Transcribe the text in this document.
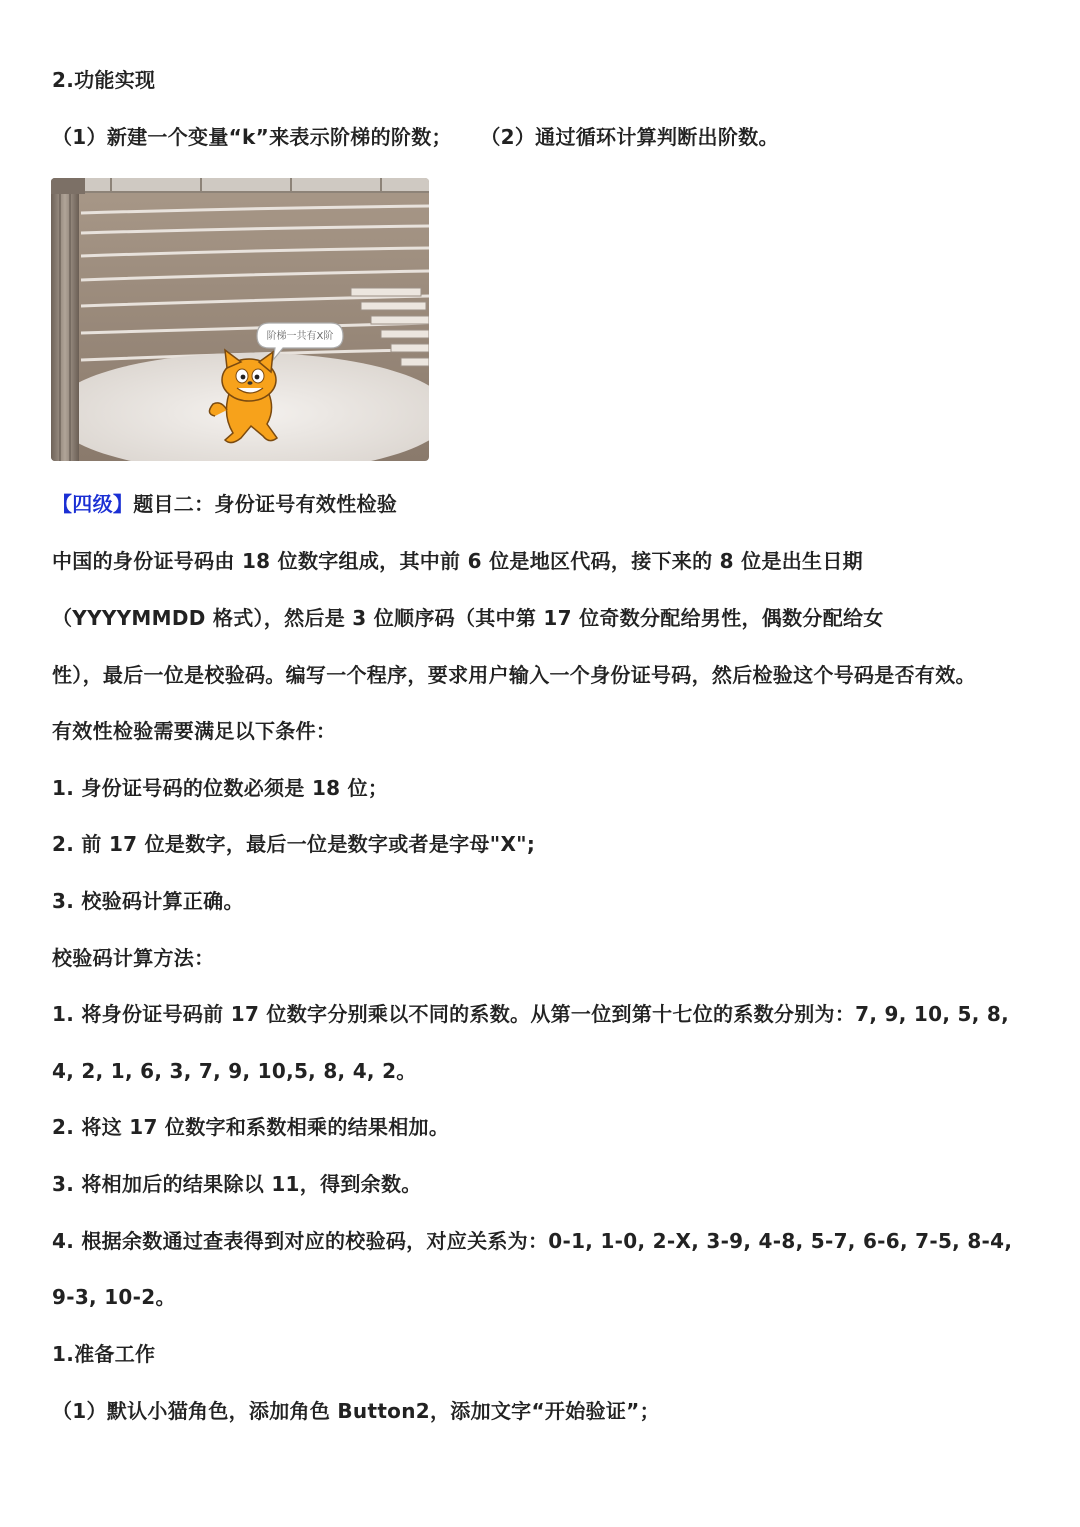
2.功能实现
（1）新建一个变量“k”来表示阶梯的阶数； （2）通过循环计算判断出阶数。
阶梯一共有X阶
【四级】题目二：身份证号有效性检验
中国的身份证号码由 18 位数字组成，其中前 6 位是地区代码，接下来的 8 位是出生日期
（YYYYMMDD 格式），然后是 3 位顺序码（其中第 17 位奇数分配给男性，偶数分配给女
性），最后一位是校验码。编写一个程序，要求用户输入一个身份证号码，然后检验这个号码是否有效。
有效性检验需要满足以下条件：
1. 身份证号码的位数必须是 18 位；
2. 前 17 位是数字，最后一位是数字或者是字母"X";
3. 校验码计算正确。
校验码计算方法：
1. 将身份证号码前 17 位数字分别乘以不同的系数。从第一位到第十七位的系数分别为：7, 9, 10, 5, 8,
4, 2, 1, 6, 3, 7, 9, 10,5, 8, 4, 2。
2. 将这 17 位数字和系数相乘的结果相加。
3. 将相加后的结果除以 11，得到余数。
4. 根据余数通过查表得到对应的校验码，对应关系为：0-1, 1-0, 2-X, 3-9, 4-8, 5-7, 6-6, 7-5, 8-4,
9-3, 10-2。
1.准备工作
（1）默认小猫角色，添加角色 Button2，添加文字“开始验证”；
